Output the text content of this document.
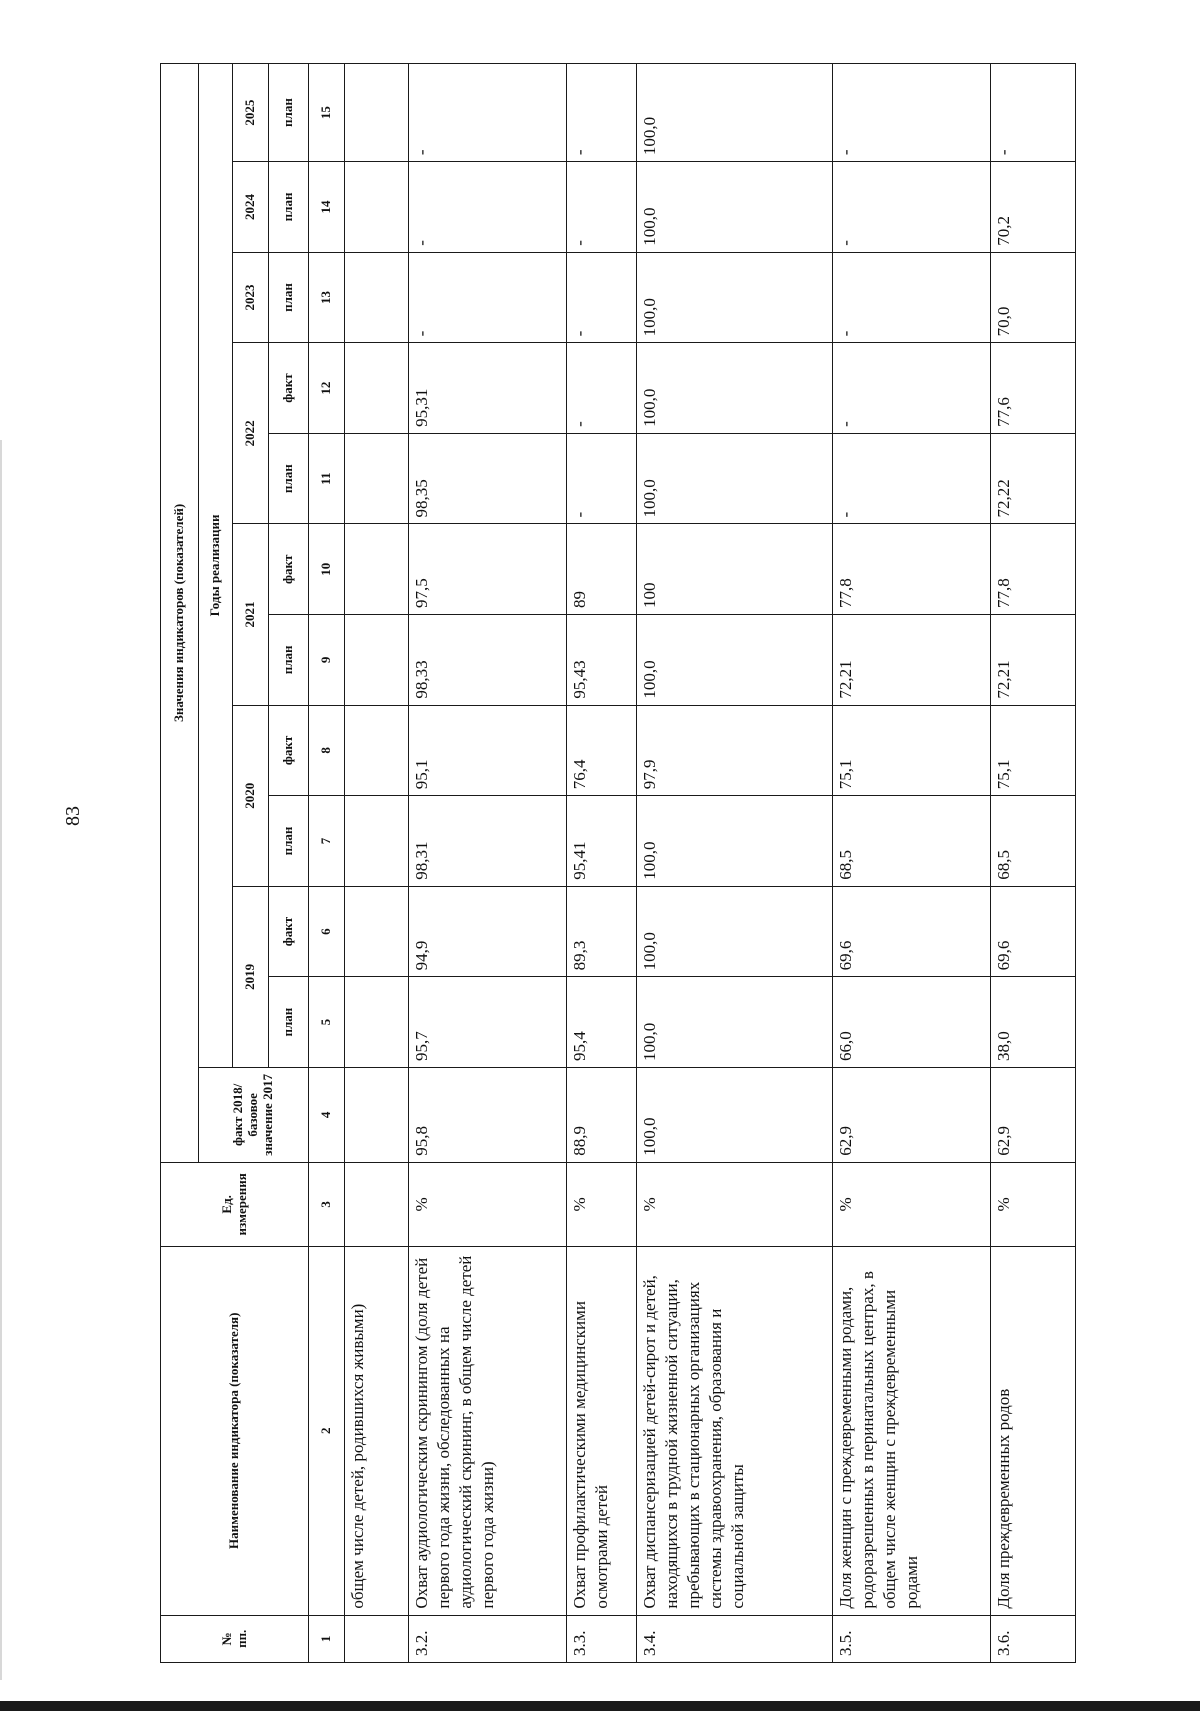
83
№ пп.	Наименование индикатора (показателя)	Ед. измерения	Значения индикаторов (показателей)											
			факт 2018/базовое значение 2017	Годы реализации										
				2019		2020		2021		2022		2023	2024	2025
				план	факт	план	факт	план	факт	план	факт	план	план	план
1	2	3	4	5	6	7	8	9	10	11	12	13	14	15
	общем числе детей, родившихся живыми)													
3.2.	Охват аудиологическим скринингом (доля детей первого года жизни, обследованных на аудиологический скрининг, в общем числе детей первого года жизни)	%	95,8	95,7	94,9	98,31	95,1	98,33	97,5	98,35	95,31	-	-	-
3.3.	Охват профилактическими медицинскими осмотрами детей	%	88,9	95,4	89,3	95,41	76,4	95,43	89	-	-	-	-	-
3.4.	Охват диспансеризацией детей-сирот и детей, находящихся в трудной жизненной ситуации, пребывающих в стационарных организациях системы здравоохранения, образования и социальной защиты	%	100,0	100,0	100,0	100,0	97,9	100,0	100	100,0	100,0	100,0	100,0	100,0
3.5.	Доля женщин с преждевременными родами, родоразрешенных в перинатальных центрах, в общем числе женщин с преждевременными родами	%	62,9	66,0	69,6	68,5	75,1	72,21	77,8	-	-	-	-	-
3.6.	Доля преждевременных родов	%	62,9	38,0	69,6	68,5	75,1	72,21	77,8	72,22	77,6	70,0	70,2	-
